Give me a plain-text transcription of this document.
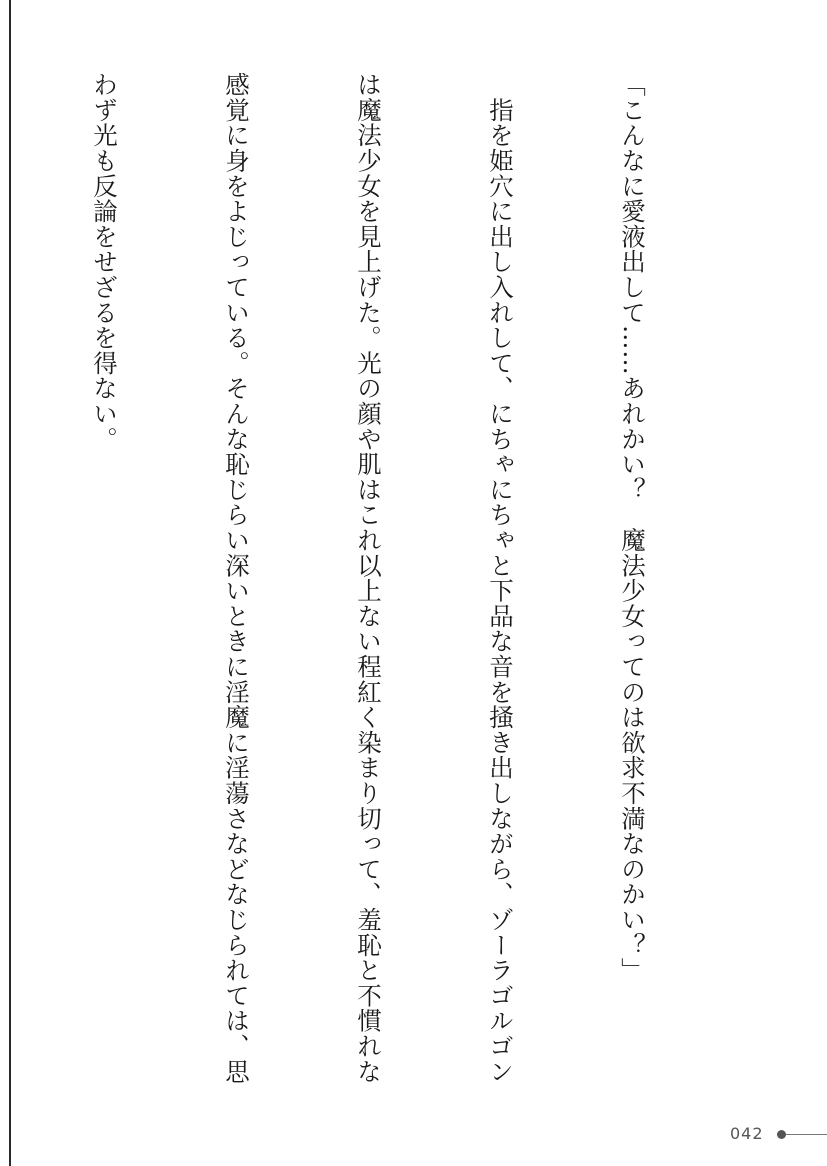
「こんなに愛液出して……あれかい？　魔法少女ってのは欲求不満なのかい？」

　指を姫穴に出し入れして、にちゃにちゃと下品な音を掻き出しながら、ゾーラゴルゴン

は魔法少女を見上げた。光の顔や肌はこれ以上ない程紅く染まり切って、羞恥と不慣れな

感覚に身をよじっている。そんな恥じらい深いときに淫魔に淫蕩さなどなじられては、思

わず光も反論をせざるを得ない。

042
